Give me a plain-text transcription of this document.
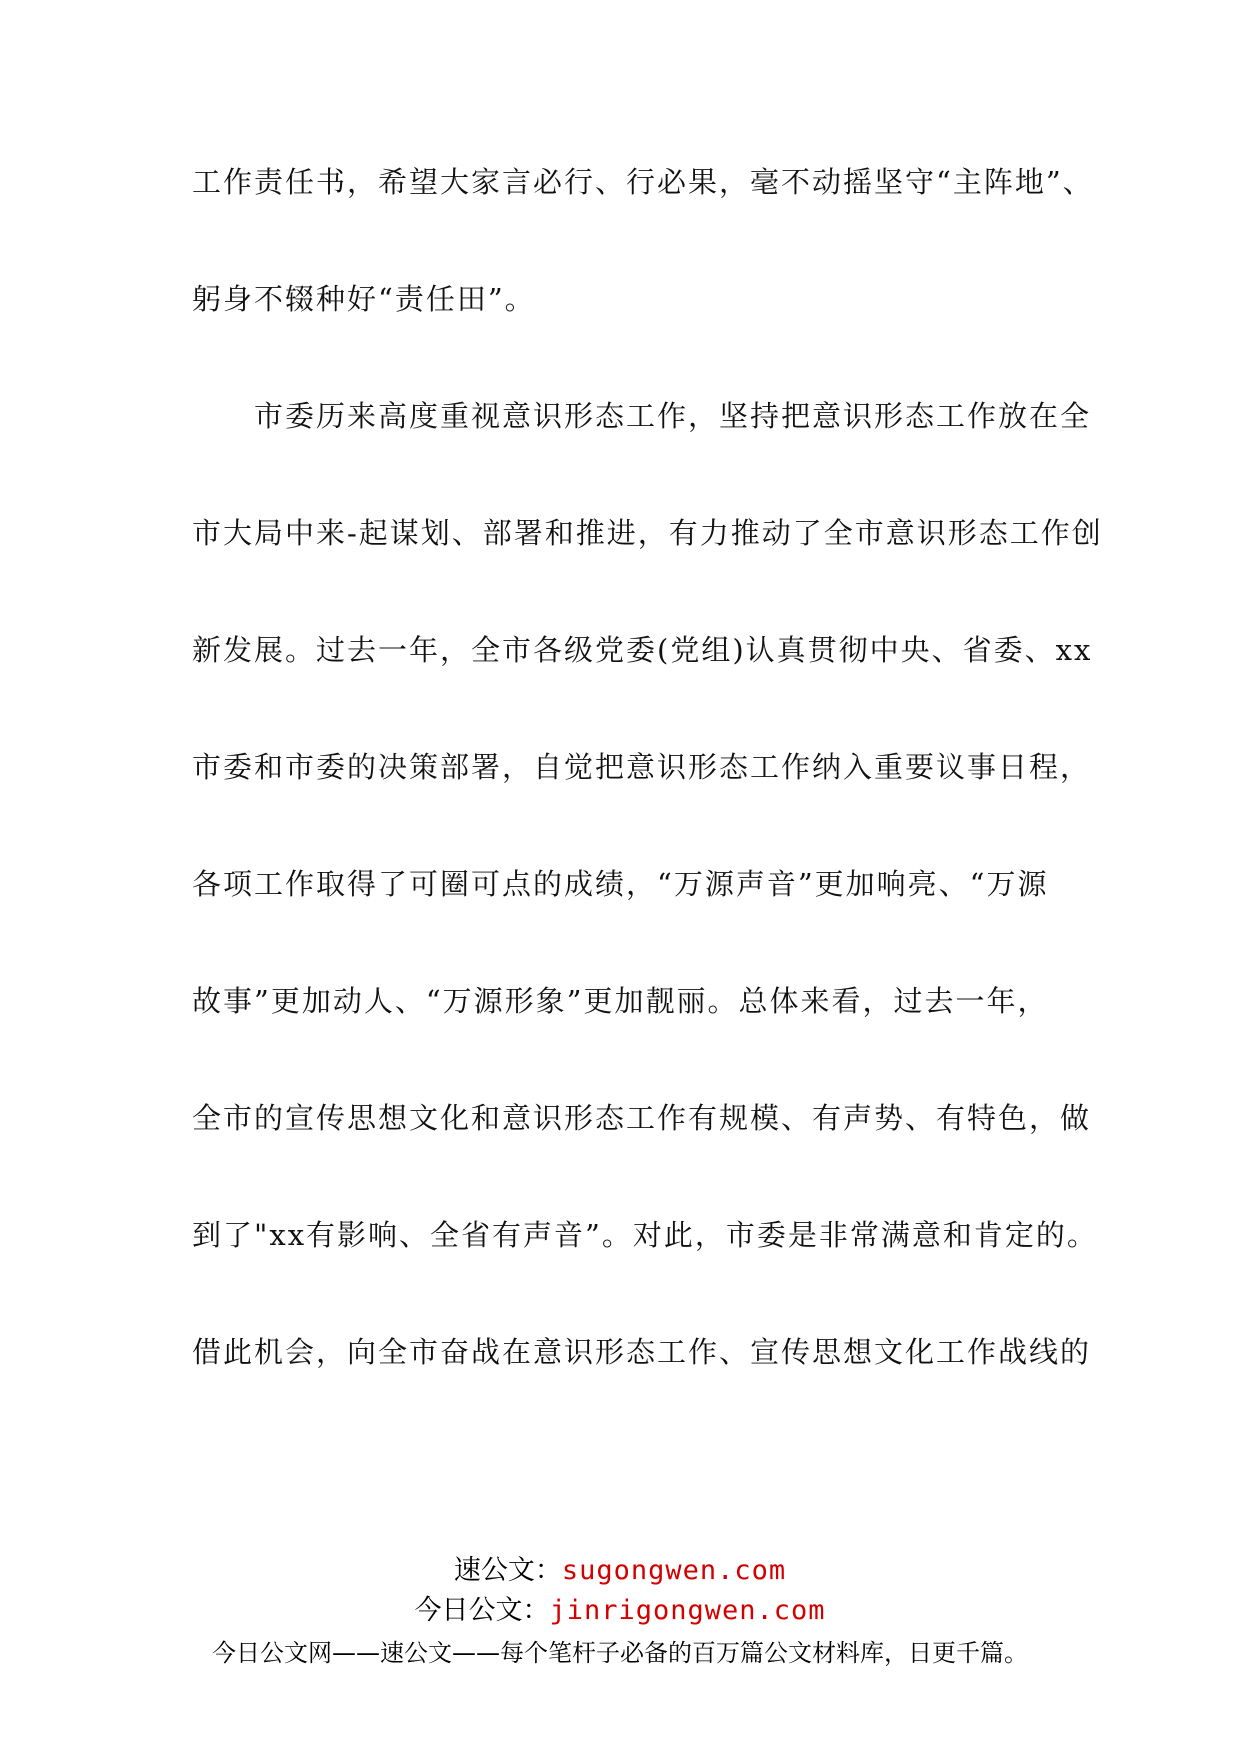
工作责任书，希望大家言必行、行必果，毫不动摇坚守“主阵地”、
躬身不辍种好“责任田”。
　　市委历来高度重视意识形态工作，坚持把意识形态工作放在全
市大局中来-起谋划、部署和推进，有力推动了全市意识形态工作创
新发展。过去一年，全市各级党委(党组)认真贯彻中央、省委、xx
市委和市委的决策部署，自觉把意识形态工作纳入重要议事日程，
各项工作取得了可圈可点的成绩，“万源声音”更加响亮、“万源
故事”更加动人、“万源形象”更加靓丽。总体来看，过去一年，
全市的宣传思想文化和意识形态工作有规模、有声势、有特色，做
到了"xx有影响、全省有声音”。对此，市委是非常满意和肯定的。
借此机会，向全市奋战在意识形态工作、宣传思想文化工作战线的
速公文：sugongwen.com
今日公文：jinrigongwen.com
今日公文网——速公文——每个笔杆子必备的百万篇公文材料库，日更千篇。
